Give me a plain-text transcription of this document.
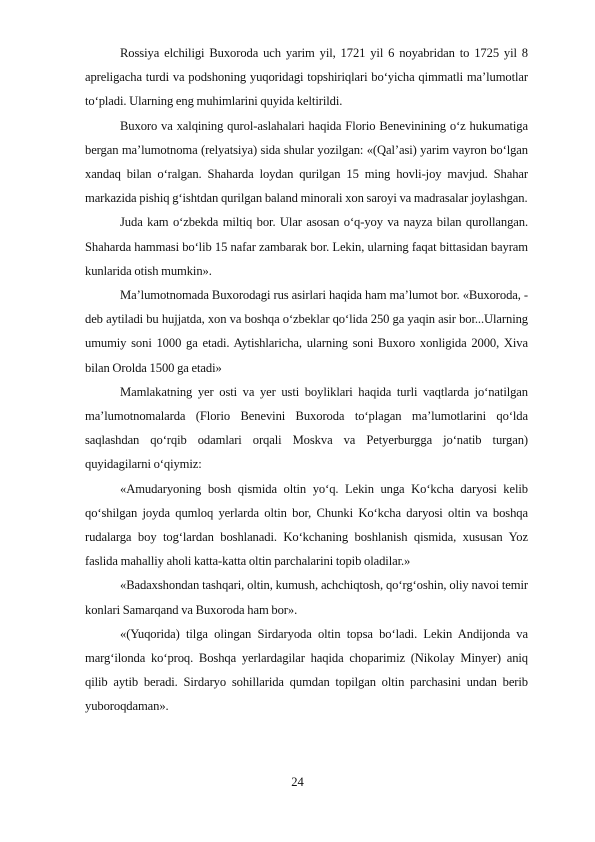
Rossiya elchiligi Buxoroda uch yarim yil, 1721 yil 6 noyabridan to 1725 yil 8 apreligacha turdi va podshoning yuqoridagi topshiriqlari bo‘yicha qimmatli ma’lumotlar to‘pladi. Ularning eng muhimlarini quyida keltirildi.

Buxoro va xalqining qurol-aslahalari haqida Florio Benevinining o‘z hukumatiga bergan ma’lumotnoma (relyatsiya) sida shular yozilgan: «(Qal’asi) yarim vayron bo‘lgan xandaq bilan o‘ralgan. Shaharda loydan qurilgan 15 ming hovli-joy mavjud. Shahar markazida pishiq g‘ishtdan qurilgan baland minorali xon saroyi va madrasalar joylashgan.

Juda kam o‘zbekda miltiq bor. Ular asosan o‘q-yoy va nayza bilan qurollangan. Shaharda hammasi bo‘lib 15 nafar zambarak bor. Lekin, ularning faqat bittasidan bayram kunlarida otish mumkin».

Ma’lumotnomada Buxorodagi rus asirlari haqida ham ma’lumot bor. «Buxoroda, -deb aytiladi bu hujjatda, xon va boshqa o‘zbeklar qo‘lida 250 ga yaqin asir bor...Ularning umumiy soni 1000 ga etadi. Aytishlaricha, ularning soni Buxoro xonligida 2000, Xiva bilan Orolda 1500 ga etadi»

Mamlakatning yer osti va yer usti boyliklari haqida turli vaqtlarda jo‘natilgan ma’lumotnomalarda (Florio Benevini Buxoroda to‘plagan ma’lumotlarini qo‘lda saqlashdan qo‘rqib odamlari orqali Moskva va Petyerburgga jo‘natib turgan) quyidagilarni o‘qiymiz:

«Amudaryoning bosh qismida oltin yo‘q. Lekin unga Ko‘kcha daryosi kelib qo‘shilgan joyda qumloq yerlarda oltin bor, Chunki Ko‘kcha daryosi oltin va boshqa rudalarga boy tog‘lardan boshlanadi. Ko‘kchaning boshlanish qismida, xususan Yoz faslida mahalliy aholi katta-katta oltin parchalarini topib oladilar.»

«Badaxshondan tashqari, oltin, kumush, achchiqtosh, qo‘rg‘oshin, oliy navoi temir konlari Samarqand va Buxoroda ham bor».

«(Yuqorida) tilga olingan Sirdaryoda oltin topsa bo‘ladi. Lekin Andijonda va marg‘ilonda ko‘proq. Boshqa yerlardagilar haqida choparimiz (Nikolay Minyer) aniq qilib aytib beradi. Sirdaryo sohillarida qumdan topilgan oltin parchasini undan berib yuboroqdaman».

24
